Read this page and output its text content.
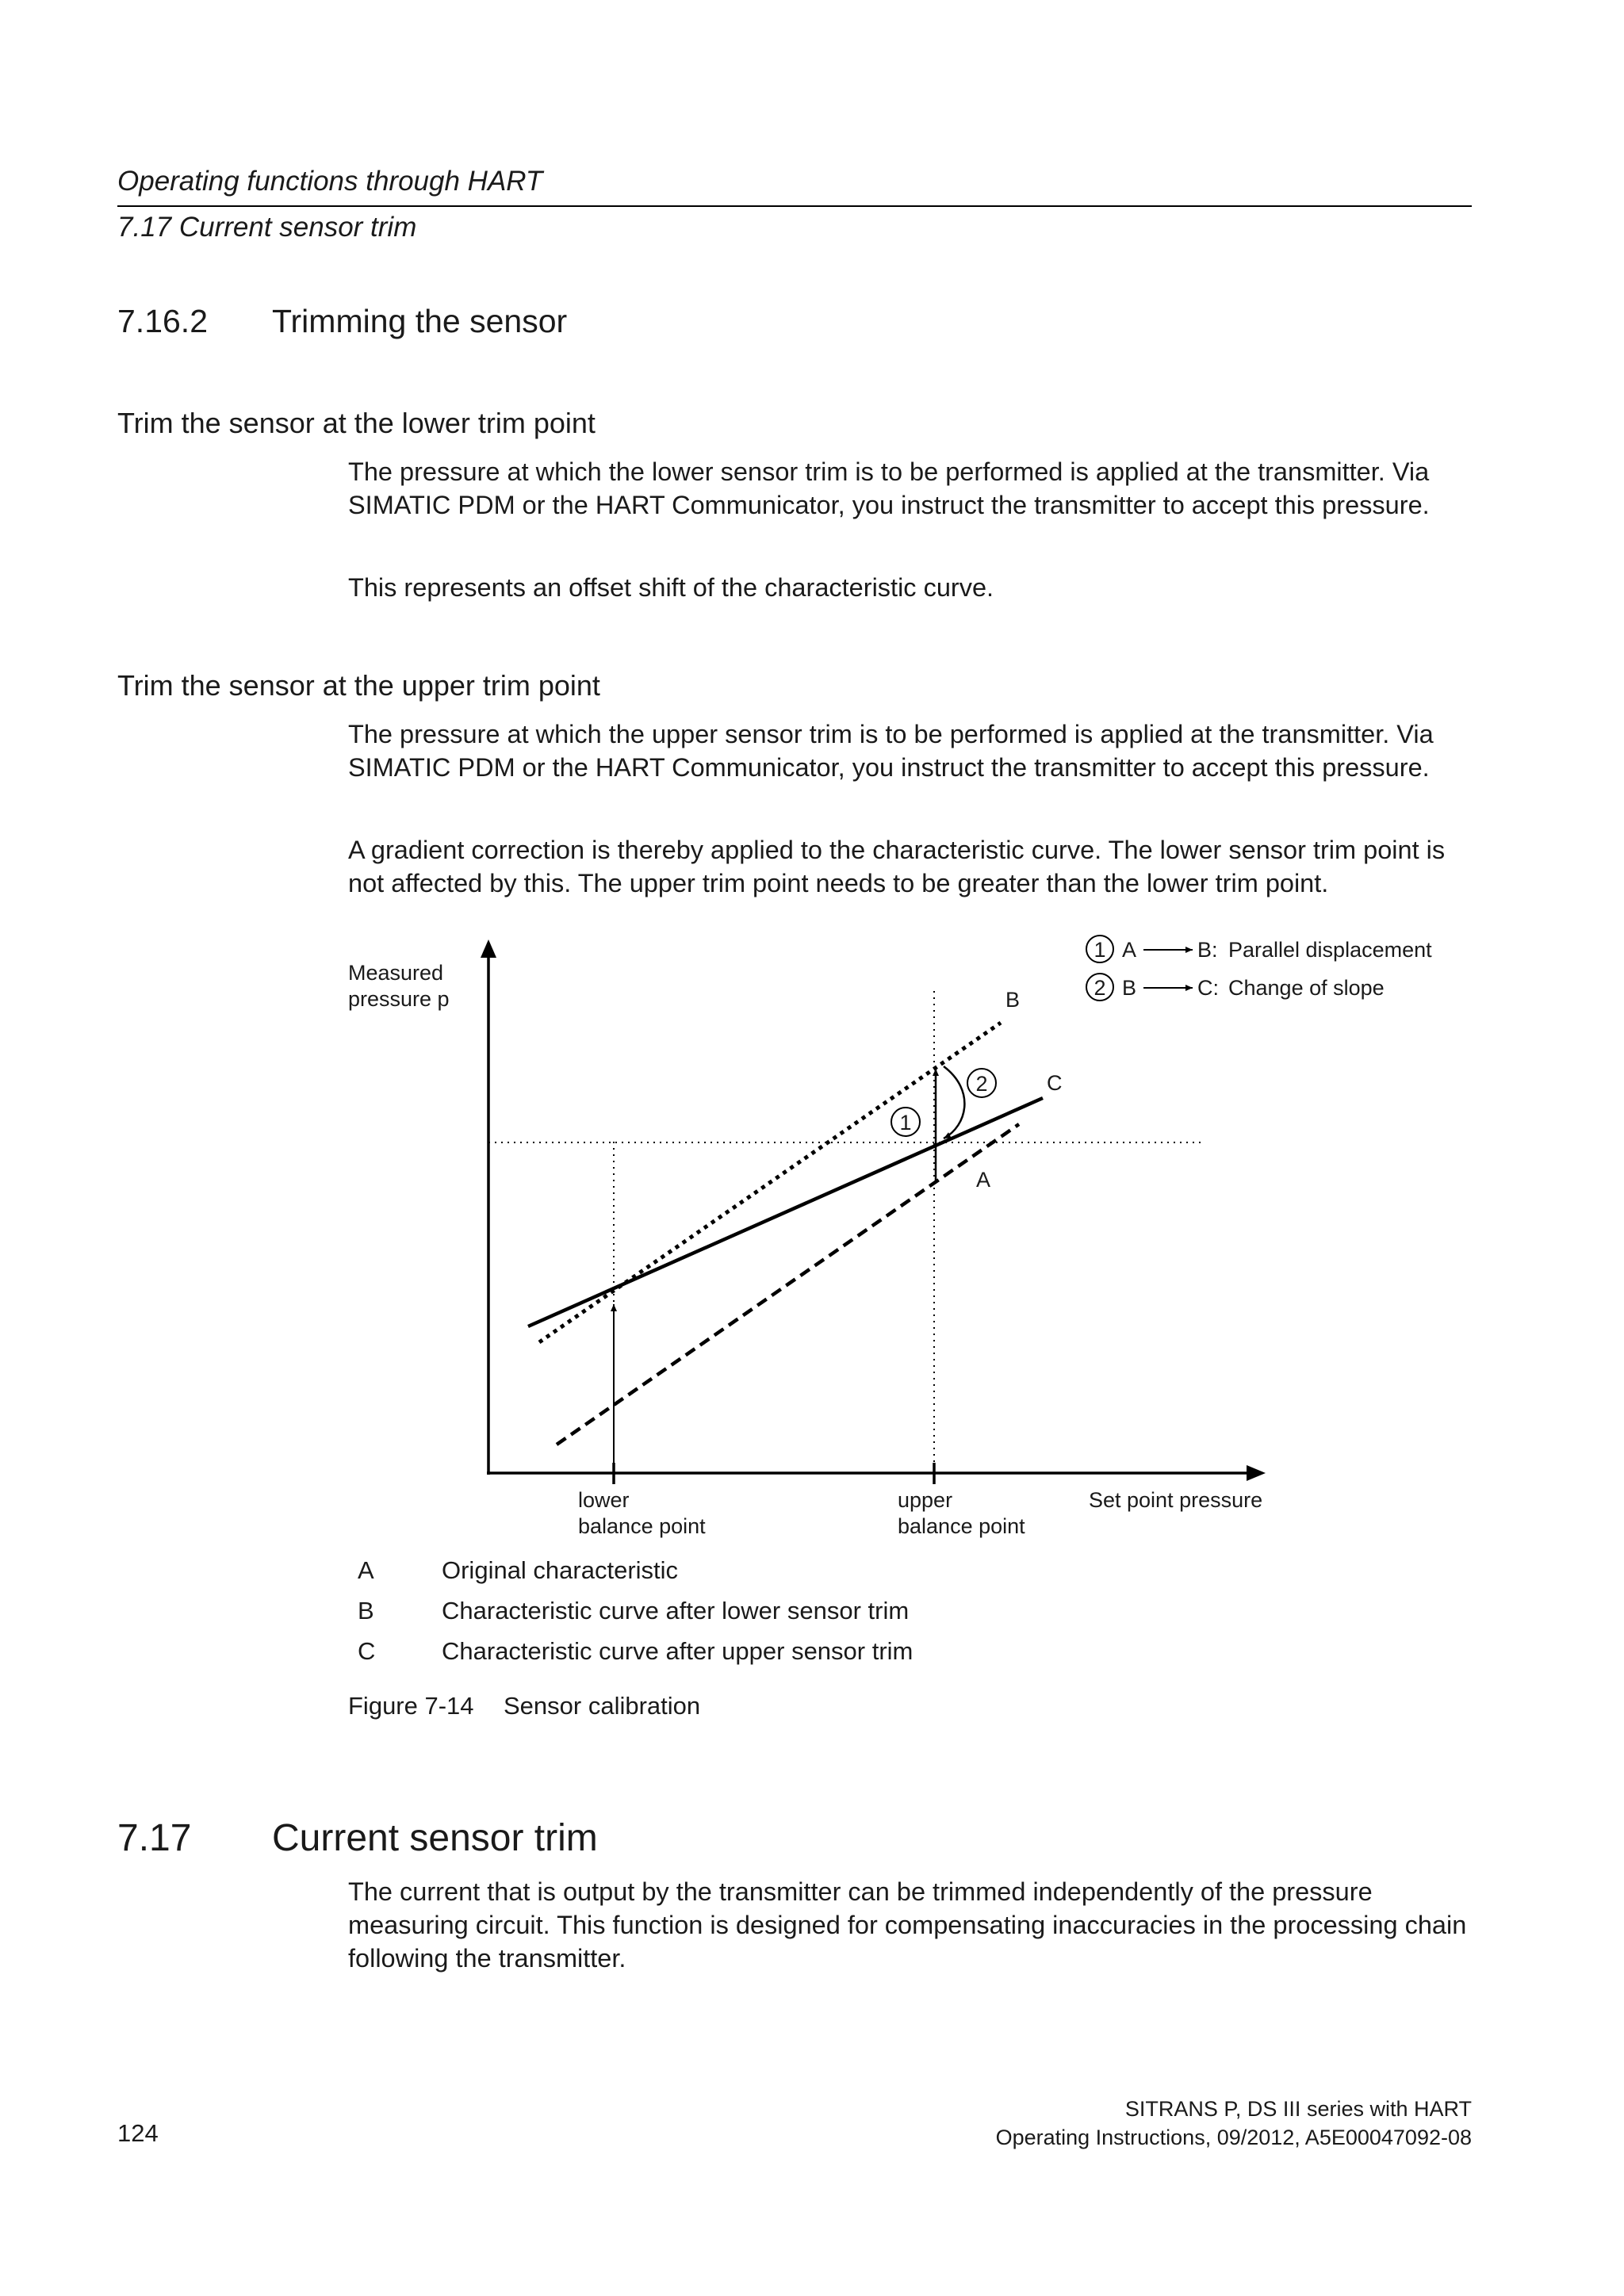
Operating functions through HART
7.17 Current sensor trim
7.16.2 Trimming the sensor
Trim the sensor at the lower trim point
The pressure at which the lower sensor trim is to be performed is applied at the transmitter. Via SIMATIC PDM or the HART Communicator, you instruct the transmitter to accept this pressure.
This represents an offset shift of the characteristic curve.
Trim the sensor at the upper trim point
The pressure at which the upper sensor trim is to be performed is applied at the transmitter. Via SIMATIC PDM or the HART Communicator, you instruct the transmitter to accept this pressure.
A gradient correction is thereby applied to the characteristic curve. The lower sensor trim point is not affected by this. The upper trim point needs to be greater than the lower trim point.
1
2
B
C
A
Measured
pressure p
Set point pressure
lower
balance point
upper
balance point
1 A	B: Parallel displacement
2 B	C: Change of slope
A	Original characteristic
B	Characteristic curve after lower sensor trim
C	Characteristic curve after upper sensor trim
Figure 7-14 Sensor calibration
7.17 Current sensor trim
The current that is output by the transmitter can be trimmed independently of the pressure measuring circuit. This function is designed for compensating inaccuracies in the processing chain following the transmitter.
124
SITRANS P, DS III series with HART
Operating Instructions, 09/2012, A5E00047092-08
